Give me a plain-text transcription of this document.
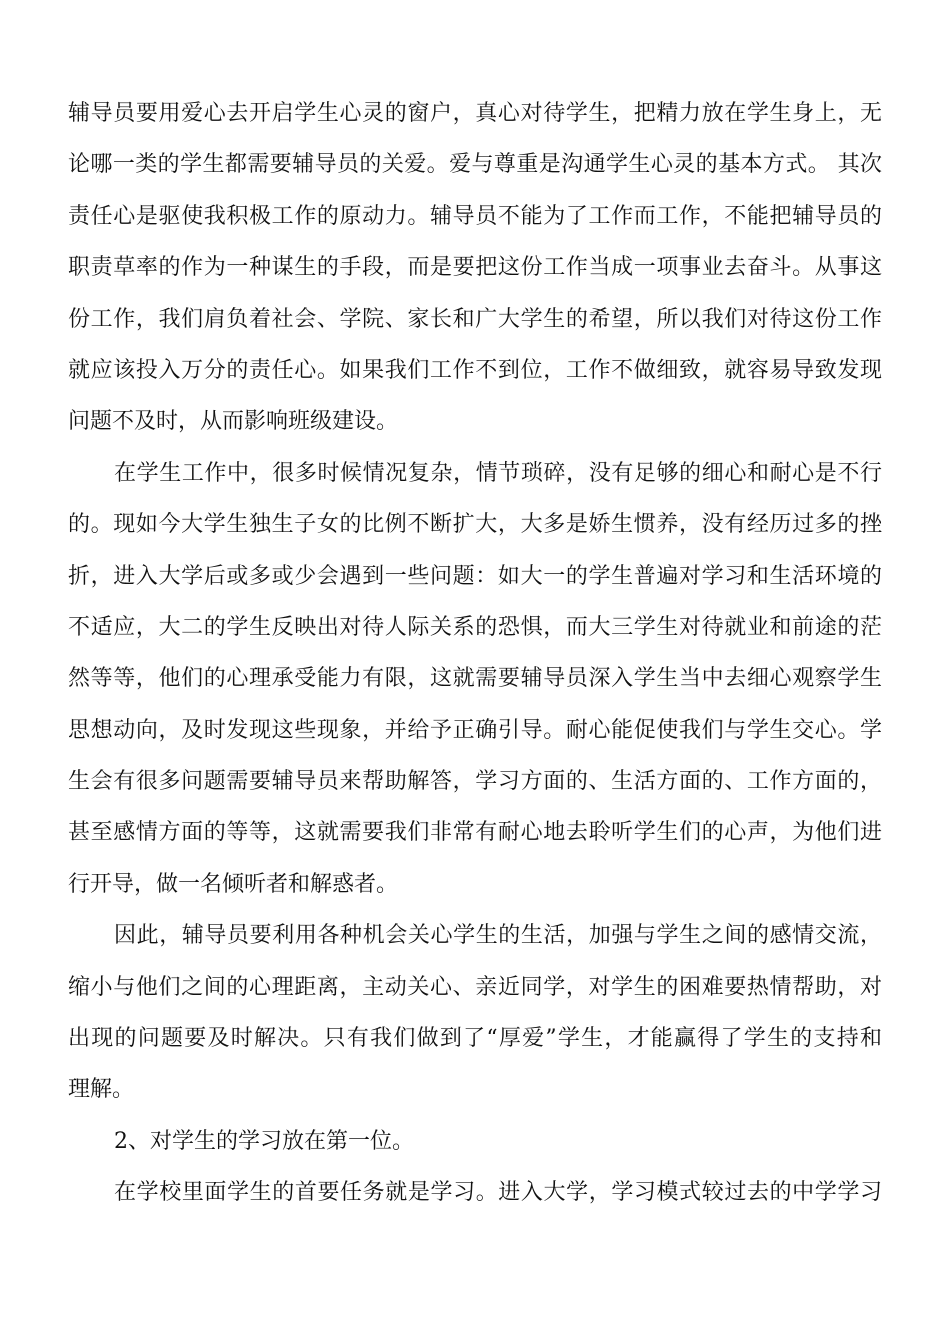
辅导员要用爱心去开启学生心灵的窗户，真心对待学生，把精力放在学生身上，无
论哪一类的学生都需要辅导员的关爱。爱与尊重是沟通学生心灵的基本方式。 其次
责任心是驱使我积极工作的原动力。辅导员不能为了工作而工作，不能把辅导员的
职责草率的作为一种谋生的手段，而是要把这份工作当成一项事业去奋斗。从事这
份工作，我们肩负着社会、学院、家长和广大学生的希望，所以我们对待这份工作
就应该投入万分的责任心。如果我们工作不到位，工作不做细致，就容易导致发现
问题不及时，从而影响班级建设。
在学生工作中，很多时候情况复杂，情节琐碎，没有足够的细心和耐心是不行
的。现如今大学生独生子女的比例不断扩大，大多是娇生惯养，没有经历过多的挫
折，进入大学后或多或少会遇到一些问题：如大一的学生普遍对学习和生活环境的
不适应，大二的学生反映出对待人际关系的恐惧，而大三学生对待就业和前途的茫
然等等，他们的心理承受能力有限，这就需要辅导员深入学生当中去细心观察学生
思想动向，及时发现这些现象，并给予正确引导。耐心能促使我们与学生交心。学
生会有很多问题需要辅导员来帮助解答，学习方面的、生活方面的、工作方面的，
甚至感情方面的等等，这就需要我们非常有耐心地去聆听学生们的心声，为他们进
行开导，做一名倾听者和解惑者。
因此，辅导员要利用各种机会关心学生的生活，加强与学生之间的感情交流，
缩小与他们之间的心理距离，主动关心、亲近同学，对学生的困难要热情帮助，对
出现的问题要及时解决。只有我们做到了“厚爱”学生，才能赢得了学生的支持和
理解。
2、对学生的学习放在第一位。
在学校里面学生的首要任务就是学习。进入大学，学习模式较过去的中学学习
